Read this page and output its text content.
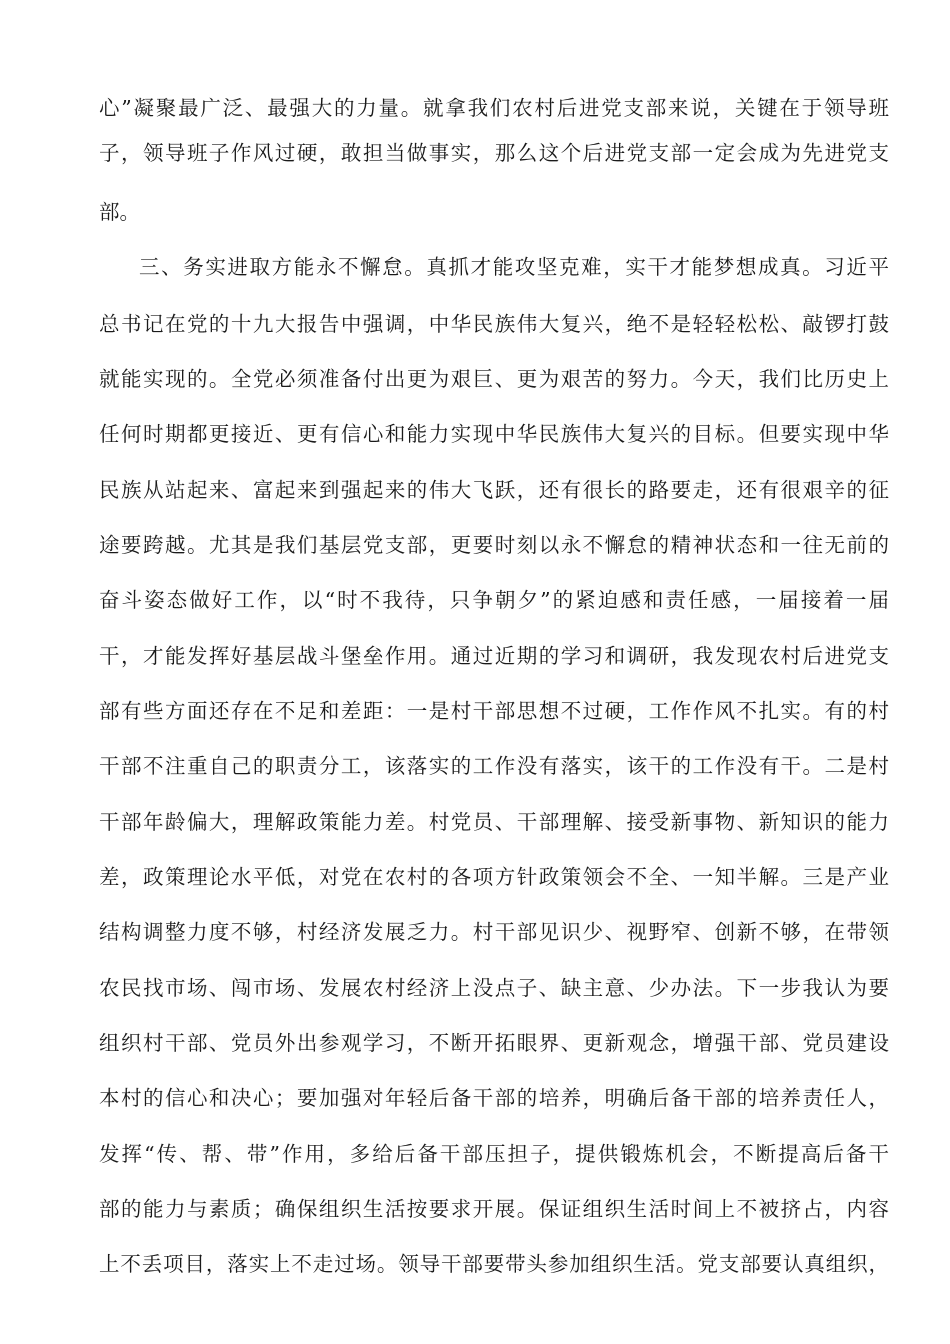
心”凝聚最广泛、最强大的力量。就拿我们农村后进党支部来说，关键在于领导班
子，领导班子作风过硬，敢担当做事实，那么这个后进党支部一定会成为先进党支
部。
三、务实进取方能永不懈怠。真抓才能攻坚克难，实干才能梦想成真。习近平
总书记在党的十九大报告中强调，中华民族伟大复兴，绝不是轻轻松松、敲锣打鼓
就能实现的。全党必须准备付出更为艰巨、更为艰苦的努力。今天，我们比历史上
任何时期都更接近、更有信心和能力实现中华民族伟大复兴的目标。但要实现中华
民族从站起来、富起来到强起来的伟大飞跃，还有很长的路要走，还有很艰辛的征
途要跨越。尤其是我们基层党支部，更要时刻以永不懈怠的精神状态和一往无前的
奋斗姿态做好工作，以“时不我待，只争朝夕”的紧迫感和责任感，一届接着一届
干，才能发挥好基层战斗堡垒作用。通过近期的学习和调研，我发现农村后进党支
部有些方面还存在不足和差距：一是村干部思想不过硬，工作作风不扎实。有的村
干部不注重自己的职责分工，该落实的工作没有落实，该干的工作没有干。二是村
干部年龄偏大，理解政策能力差。村党员、干部理解、接受新事物、新知识的能力
差，政策理论水平低，对党在农村的各项方针政策领会不全、一知半解。三是产业
结构调整力度不够，村经济发展乏力。村干部见识少、视野窄、创新不够，在带领
农民找市场、闯市场、发展农村经济上没点子、缺主意、少办法。下一步我认为要
组织村干部、党员外出参观学习，不断开拓眼界、更新观念，增强干部、党员建设
本村的信心和决心；要加强对年轻后备干部的培养，明确后备干部的培养责任人，
发挥“传、帮、带”作用，多给后备干部压担子，提供锻炼机会，不断提高后备干
部的能力与素质；确保组织生活按要求开展。保证组织生活时间上不被挤占，内容
上不丢项目，落实上不走过场。领导干部要带头参加组织生活。党支部要认真组织，
